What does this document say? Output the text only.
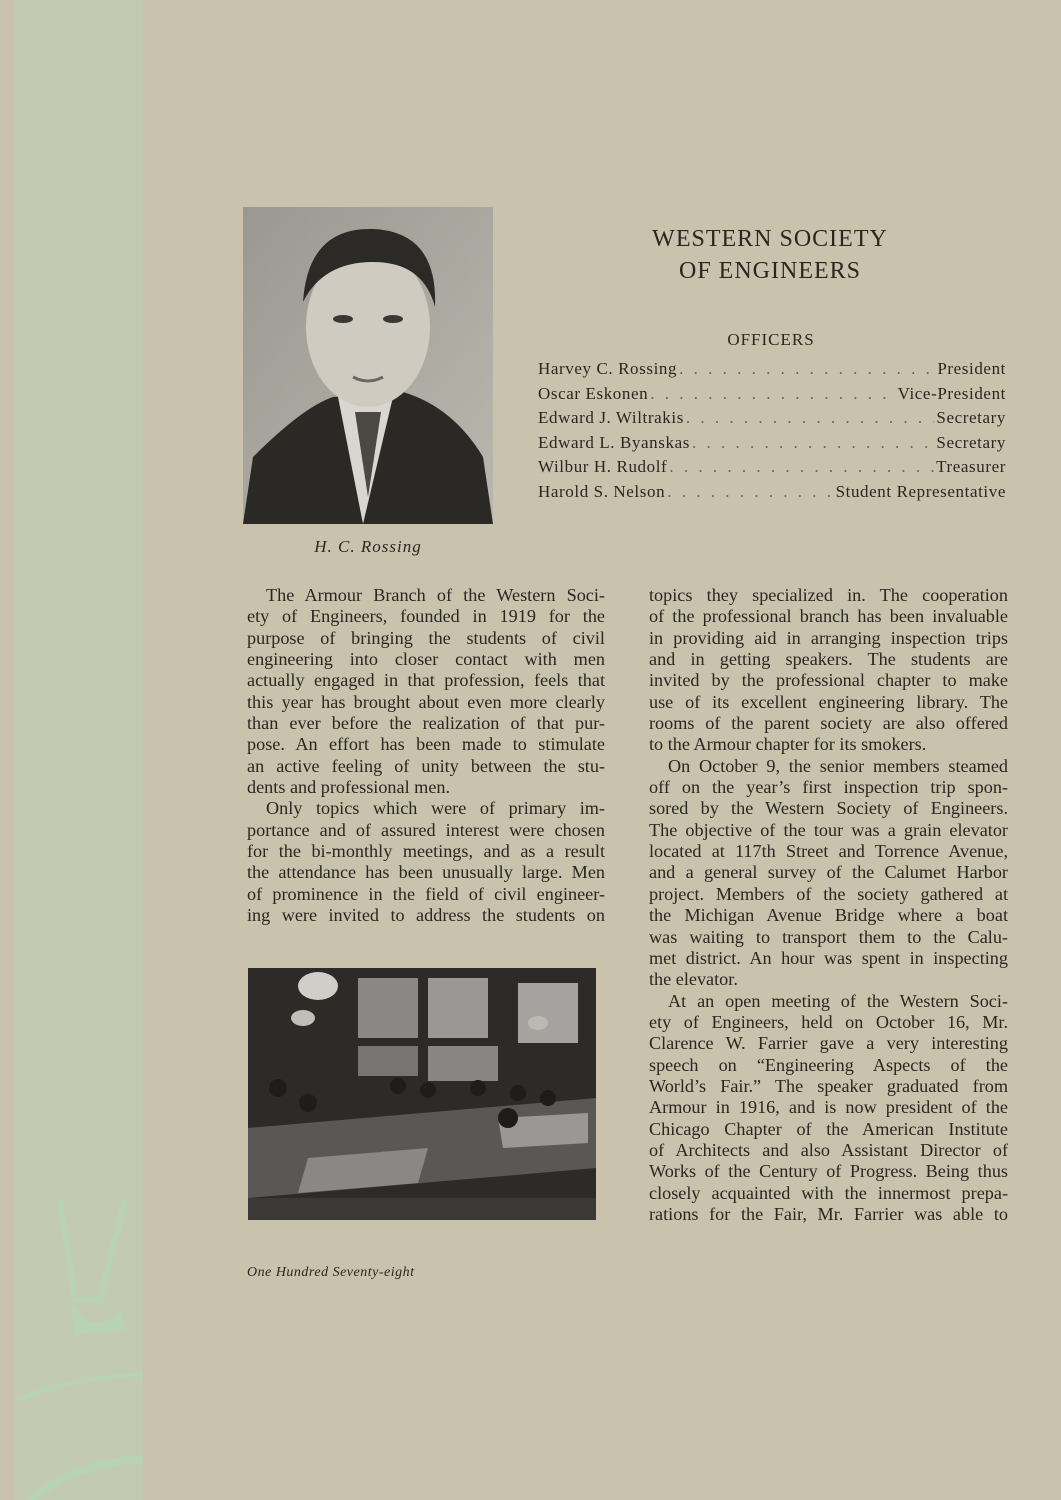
H. C. Rossing
WESTERN SOCIETY
OF ENGINEERS
OFFICERS
Harvey C. Rossing . . .	President
Oscar Eskonen . . .	Vice-President
Edward J. Wiltrakis . . .	Secretary
Edward L. Byanskas . . .	Secretary
Wilbur H. Rudolf . . .	Treasurer
Harold S. Nelson . . .	Student Representative
The Armour Branch of the Western Soci-
ety of Engineers, founded in 1919 for the
purpose of bringing the students of civil
engineering into closer contact with men
actually engaged in that profession, feels that
this year has brought about even more clearly
than ever before the realization of that pur-
pose. An effort has been made to stimulate
an active feeling of unity between the stu-
dents and professional men.
Only topics which were of primary im-
portance and of assured interest were chosen
for the bi-monthly meetings, and as a result
the attendance has been unusually large. Men
of prominence in the field of civil engineer-
ing were invited to address the students on
topics they specialized in. The cooperation
of the professional branch has been invaluable
in providing aid in arranging inspection trips
and in getting speakers. The students are
invited by the professional chapter to make
use of its excellent engineering library. The
rooms of the parent society are also offered
to the Armour chapter for its smokers.
On October 9, the senior members steamed
off on the year’s first inspection trip spon-
sored by the Western Society of Engineers.
The objective of the tour was a grain elevator
located at 117th Street and Torrence Avenue,
and a general survey of the Calumet Harbor
project. Members of the society gathered at
the Michigan Avenue Bridge where a boat
was waiting to transport them to the Calu-
met district. An hour was spent in inspecting
the elevator.
At an open meeting of the Western Soci-
ety of Engineers, held on October 16, Mr.
Clarence W. Farrier gave a very interesting
speech on “Engineering Aspects of the
World’s Fair.” The speaker graduated from
Armour in 1916, and is now president of the
Chicago Chapter of the American Institute
of Architects and also Assistant Director of
Works of the Century of Progress. Being thus
closely acquainted with the innermost prepa-
rations for the Fair, Mr. Farrier was able to
One Hundred Seventy-eight
